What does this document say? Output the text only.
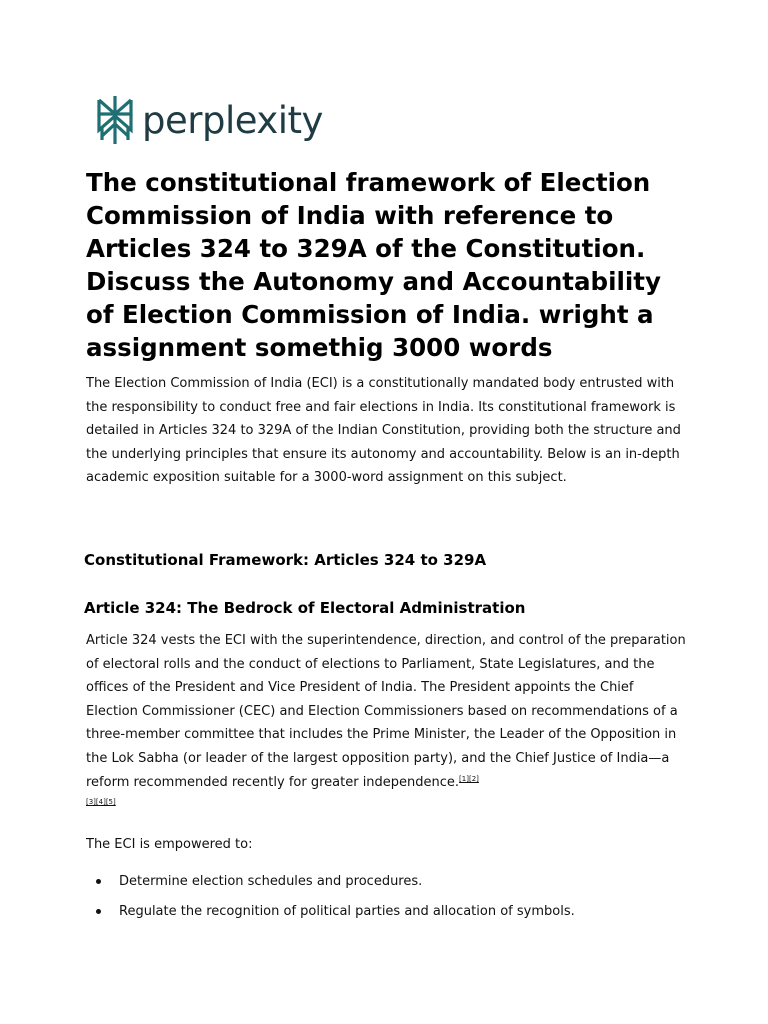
perplexity
The constitutional framework of Election Commission of India with reference to Articles 324 to 329A of the Constitution. Discuss the Autonomy and Accountability of Election Commission of India. wright a assignment somethig 3000 words

The Election Commission of India (ECI) is a constitutionally mandated body entrusted with the responsibility to conduct free and fair elections in India. Its constitutional framework is detailed in Articles 324 to 329A of the Indian Constitution, providing both the structure and the underlying principles that ensure its autonomy and accountability. Below is an in-depth academic exposition suitable for a 3000-word assignment on this subject.

Constitutional Framework: Articles 324 to 329A
Article 324: The Bedrock of Electoral Administration

Article 324 vests the ECI with the superintendence, direction, and control of the preparation of electoral rolls and the conduct of elections to Parliament, State Legislatures, and the offices of the President and Vice President of India. The President appoints the Chief Election Commissioner (CEC) and Election Commissioners based on recommendations of a three-member committee that includes the Prime Minister, the Leader of the Opposition in the Lok Sabha (or leader of the largest opposition party), and the Chief Justice of India—a reform recommended recently for greater independence.[1][2]

[3][4][5]

The ECI is empowered to:

Determine election schedules and procedures.
Regulate the recognition of political parties and allocation of symbols.
